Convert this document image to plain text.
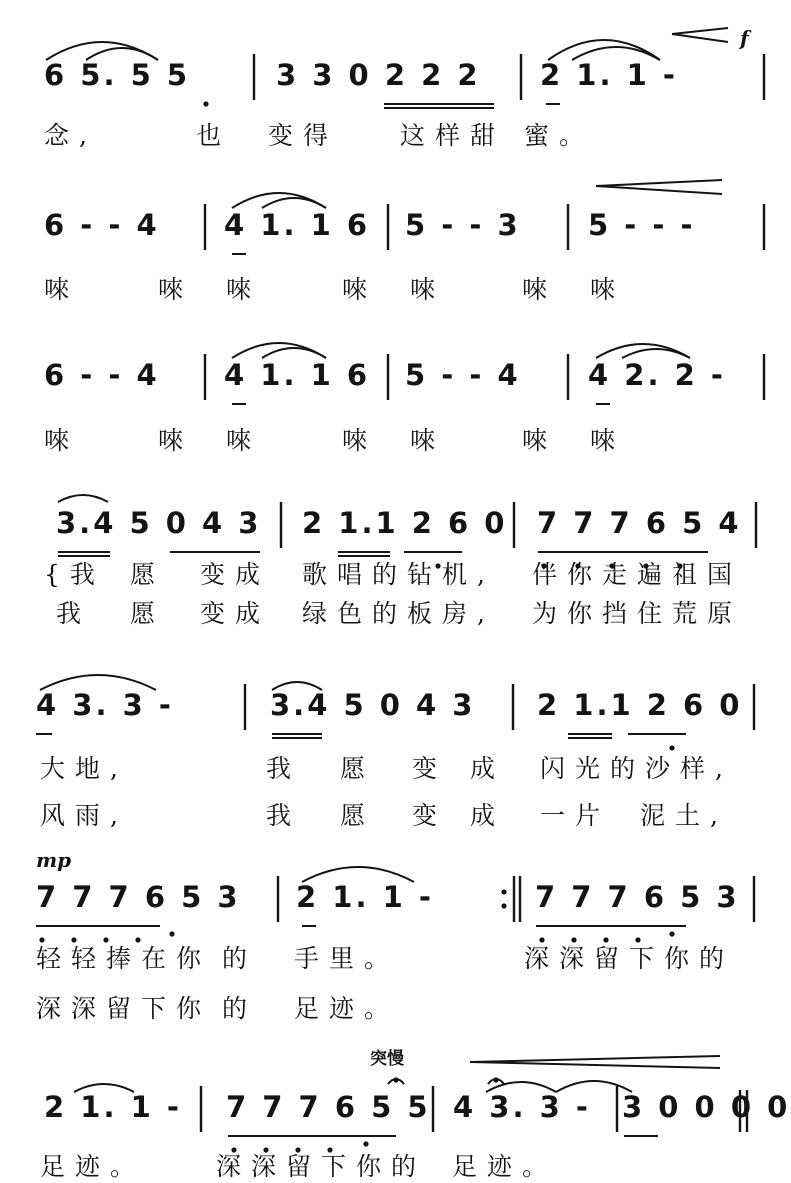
6 5. 5 5	3 3 0 2 2 2 2 1. 1 -
念,	也 变得 这样甜 蜜。
6 - - 4 4 1. 1 6 5 - - 3 5 - - -
唻	唻 唻	唻 唻	唻 唻
6 - - 4 4 1. 1 6 5 - - 4 4 2. 2 -
唻	唻 唻	唻 唻	唻 唻
3.4 5 0 4 3 2 1.1 2 6 0 7 7 7 6 5 4
{我 愿 变成 歌唱的钻机, 伴你走遍祖国
我 愿 变成 绿色的板房, 为你挡住荒原
4 3. 3 -	3.4 5 0 4 3 2 1.1 2 6 0
大地,	我 愿 变 成 闪光的沙样,
风雨,	我 愿 变 成 一片 泥土,
7 7 7 6 5 3 2 1. 1 -	7 7 7 6 5 3
轻轻捧在你 的 手里。	深深留下你的
深深留下你 的 足迹。
2 1. 1 - 7 7 7 6 5 5 4 3. 3 - 3 0 0 0 0
足迹。	深深留下你的 足迹。
f
mp
突慢
